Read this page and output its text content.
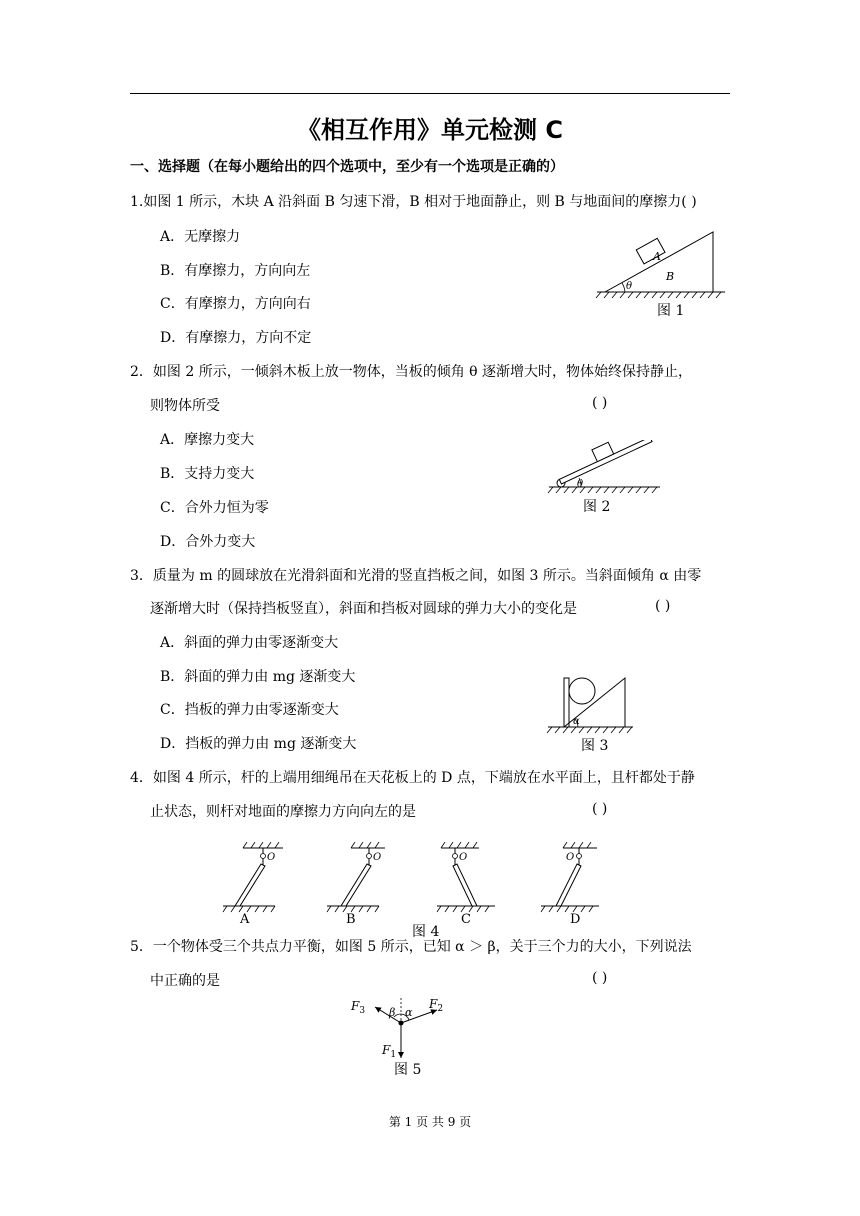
《相互作用》单元检测 C
一、选择题（在每小题给出的四个选项中，至少有一个选项是正确的）
1.如图 1 所示，木块 A 沿斜面 B 匀速下滑，B 相对于地面静止，则 B 与地面间的摩擦力( )
A．无摩擦力
B．有摩擦力，方向向左
C．有摩擦力，方向向右
D．有摩擦力，方向不定
A
B
θ
图 1
2．如图 2 所示，一倾斜木板上放一物体，当板的倾角 θ 逐渐增大时，物体始终保持静止，
则物体所受	( )
A．摩擦力变大
B．支持力变大
C．合外力恒为零
D．合外力变大
θ
图 2
3．质量为 m 的圆球放在光滑斜面和光滑的竖直挡板之间，如图 3 所示。当斜面倾角 α 由零
逐渐增大时（保持挡板竖直），斜面和挡板对圆球的弹力大小的变化是	( )
A．斜面的弹力由零逐渐变大
B．斜面的弹力由 mg 逐渐变大
C．挡板的弹力由零逐渐变大
D．挡板的弹力由 mg 逐渐变大
α
图 3
4．如图 4 所示，杆的上端用细绳吊在天花板上的 D 点，下端放在水平面上，且杆都处于静
止状态，则杆对地面的摩擦力方向向左的是	( )
O
A
O
B
O
C
O
D
图 4
5．一个物体受三个共点力平衡，如图 5 所示，已知 α ＞ β，关于三个力的大小，下列说法
中正确的是	( )
$F_3$	$F_2$
$F_1$
β α
图 5
第 1 页 共 9 页
